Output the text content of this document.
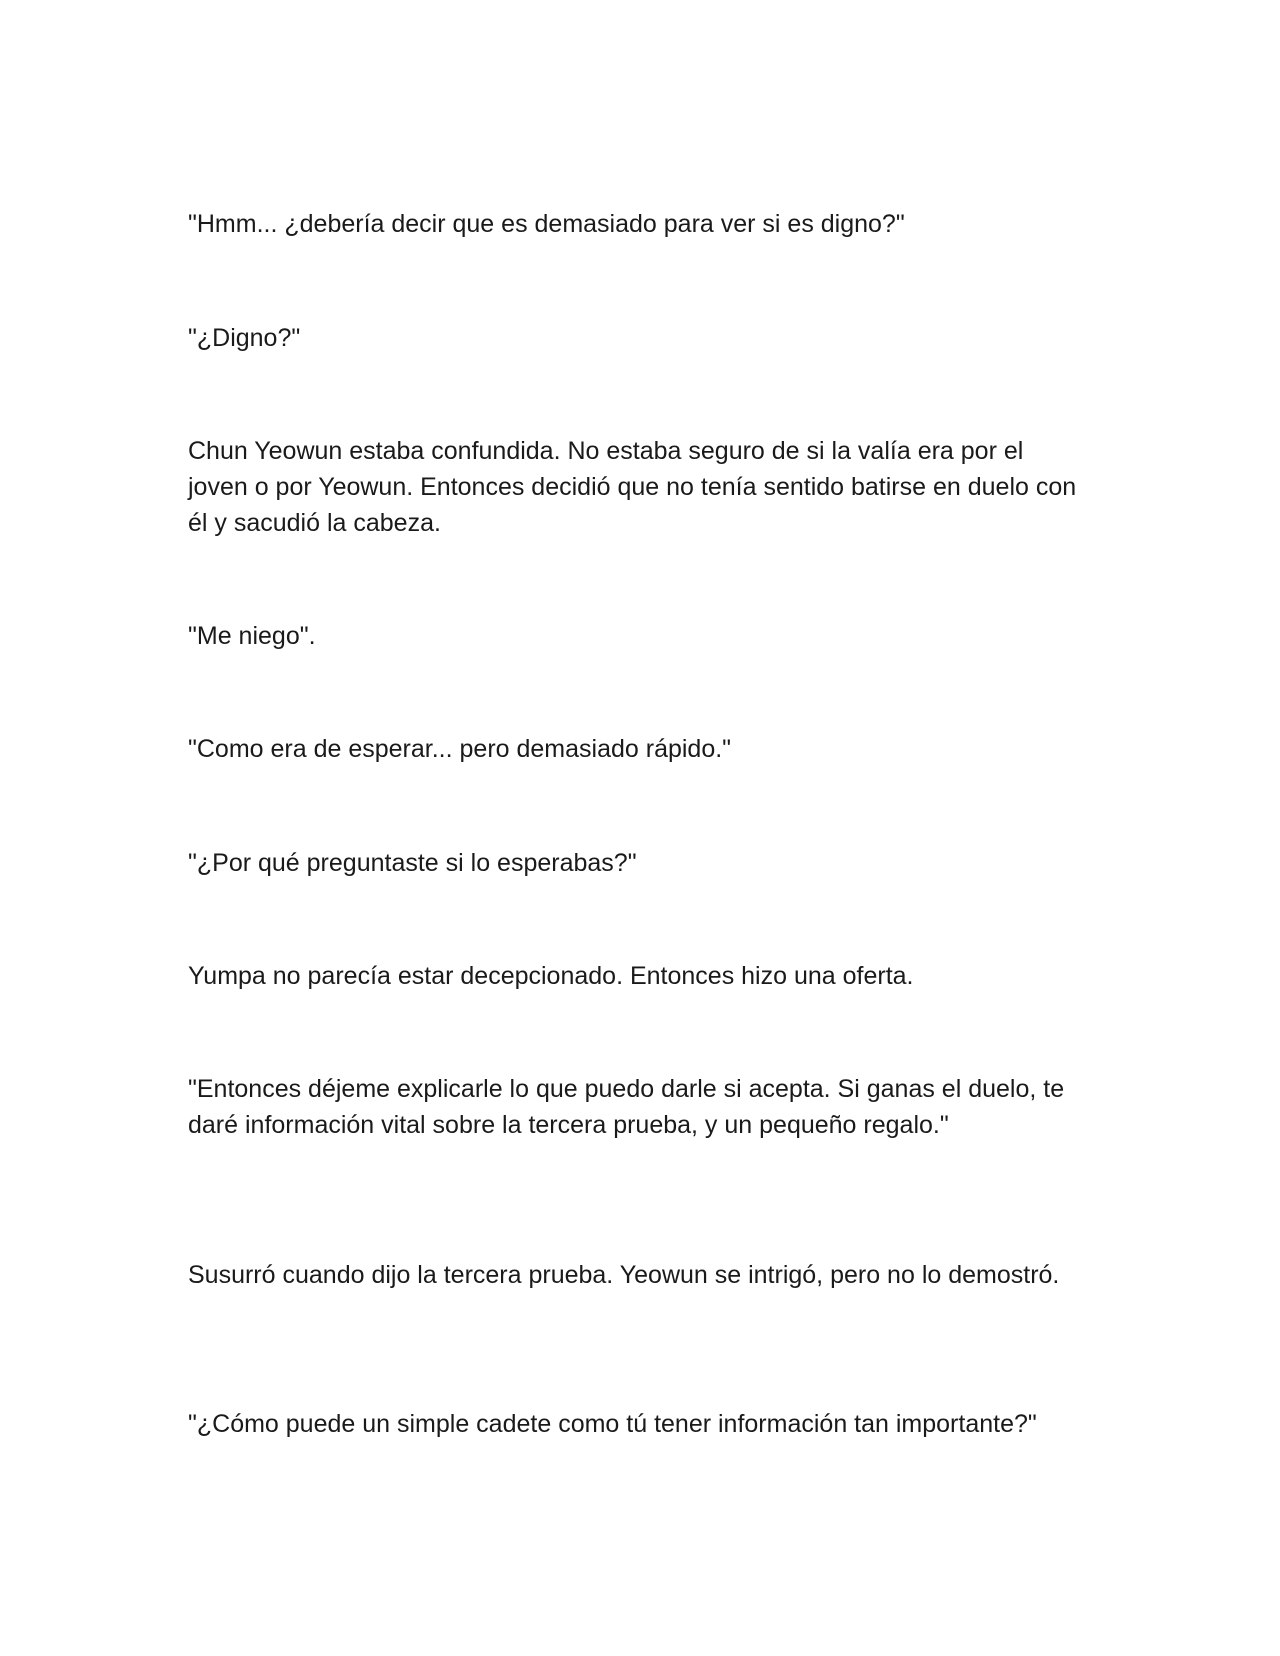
"Hmm... ¿debería decir que es demasiado para ver si es digno?"

"¿Digno?"

Chun Yeowun estaba confundida. No estaba seguro de si la valía era por el joven o por Yeowun. Entonces decidió que no tenía sentido batirse en duelo con él y sacudió la cabeza.

"Me niego".

"Como era de esperar... pero demasiado rápido."

"¿Por qué preguntaste si lo esperabas?"

Yumpa no parecía estar decepcionado. Entonces hizo una oferta.

"Entonces déjeme explicarle lo que puedo darle si acepta. Si ganas el duelo, te daré información vital sobre la tercera prueba, y un pequeño regalo."

Susurró cuando dijo la tercera prueba. Yeowun se intrigó, pero no lo demostró.

"¿Cómo puede un simple cadete como tú tener información tan importante?"
